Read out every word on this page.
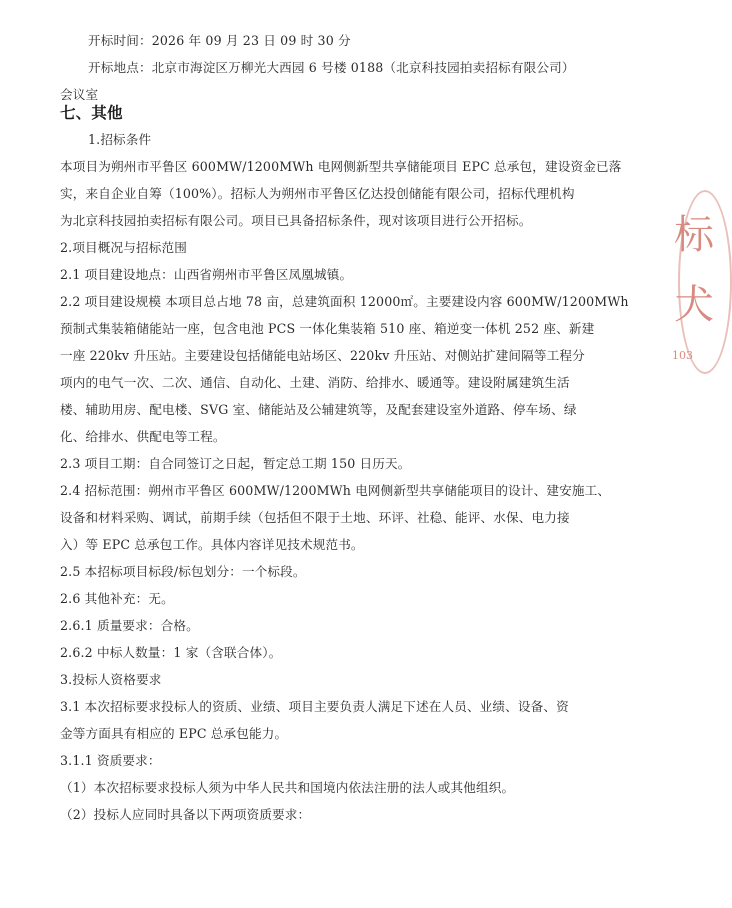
开标时间：2026 年 09 月 23 日 09 时 30 分
开标地点：北京市海淀区万柳光大西园 6 号楼 0188（北京科技园拍卖招标有限公司）
会议室
七、其他
1.招标条件
本项目为朔州市平鲁区 600MW/1200MWh 电网侧新型共享储能项目 EPC 总承包，建设资金已落
实，来自企业自筹（100%）。招标人为朔州市平鲁区亿达投创储能有限公司，招标代理机构
为北京科技园拍卖招标有限公司。项目已具备招标条件，现对该项目进行公开招标。
2.项目概况与招标范围
2.1 项目建设地点：山西省朔州市平鲁区凤凰城镇。
2.2 项目建设规模 本项目总占地 78 亩，总建筑面积 12000㎡。主要建设内容 600MW/1200MWh
预制式集装箱储能站一座，包含电池 PCS 一体化集装箱 510 座、箱逆变一体机 252 座、新建
一座 220kv 升压站。主要建设包括储能电站场区、220kv 升压站、对侧站扩建间隔等工程分
项内的电气一次、二次、通信、自动化、土建、消防、给排水、暖通等。建设附属建筑生活
楼、辅助用房、配电楼、SVG 室、储能站及公辅建筑等，及配套建设室外道路、停车场、绿
化、给排水、供配电等工程。
2.3 项目工期：自合同签订之日起，暂定总工期 150 日历天。
2.4 招标范围：朔州市平鲁区 600MW/1200MWh 电网侧新型共享储能项目的设计、建安施工、
设备和材料采购、调试，前期手续（包括但不限于土地、环评、社稳、能评、水保、电力接
入）等 EPC 总承包工作。具体内容详见技术规范书。
2.5 本招标项目标段/标包划分：一个标段。
2.6 其他补充：无。
2.6.1 质量要求：合格。
2.6.2 中标人数量：1 家（含联合体）。
3.投标人资格要求
3.1 本次招标要求投标人的资质、业绩、项目主要负责人满足下述在人员、业绩、设备、资
金等方面具有相应的 EPC 总承包能力。
3.1.1 资质要求：
（1）本次招标要求投标人须为中华人民共和国境内依法注册的法人或其他组织。
（2）投标人应同时具备以下两项资质要求：
标
犬
103
